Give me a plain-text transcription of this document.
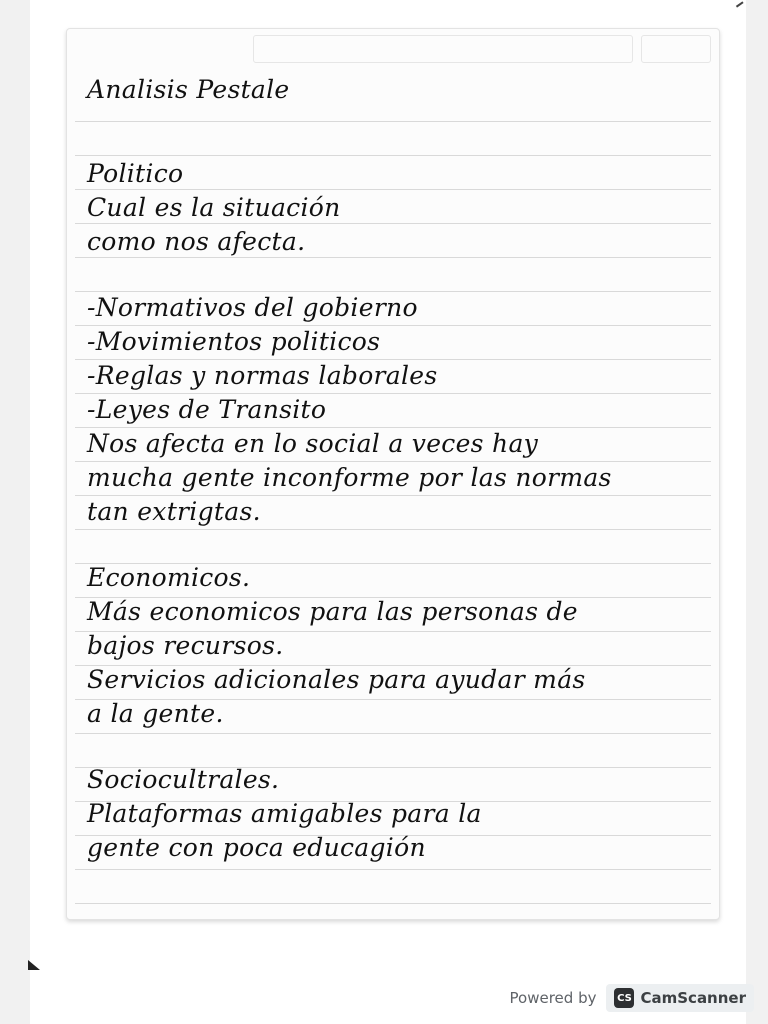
Analisis Pestale
Politico
Cual es la situación
como nos afecta.
-Normativos del gobierno
-Movimientos politicos
-Reglas y normas laborales
-Leyes de Transito
Nos afecta en lo social a veces hay
mucha gente inconforme por las normas
tan extrigtas.
Economicos.
Más economicos para las personas de
bajos recursos.
Servicios adicionales para ayudar más
a la gente.
Sociocultrales.
Plataformas amigables para la
gente con poca educagión
Powered by CS CamScanner
